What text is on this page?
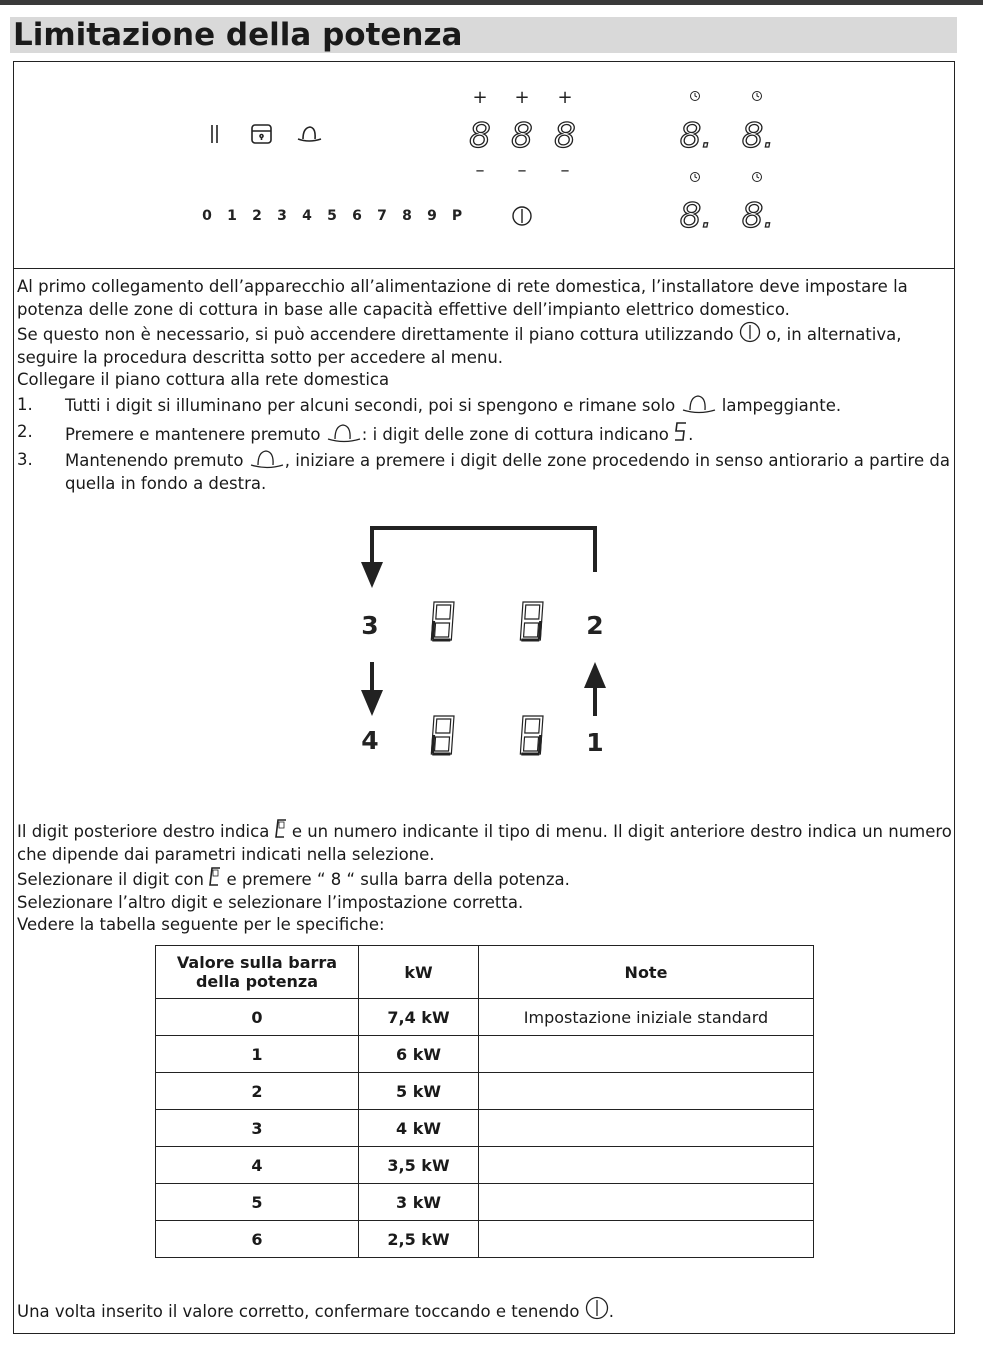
Limitazione della potenza
+ + +
– – –
8 8 8	8. 8.
8. 8.
0 1 2 3 4 5 6 7 8 9 P

Al primo collegamento dell’apparecchio all’alimentazione di rete domestica, l’installatore deve impostare la potenza delle zone di cottura in base alle capacità effettive dell’impianto elettrico domestico.

Se questo non è necessario, si può accendere direttamente il piano cottura utilizzando o, in alternativa, seguire la procedura descritta sotto per accedere al menu.

Collegare il piano cottura alla rete domestica

1. Tutti i digit si illuminano per alcuni secondi, poi si spengono e rimane solo	lampeggiante.
2. Premere e mantenere premuto	: i digit delle zone di cottura indicano .
3. Mantenendo premuto	, iniziare a premere i digit delle zone procedendo in senso antiorario a partire da quella in fondo a destra.
1
2
3
4

Il digit posteriore destro indica e un numero indicante il tipo di menu. Il digit anteriore destro indica un numero che dipende dai parametri indicati nella selezione.

Selezionare il digit con e premere “ 8 “ sulla barra della potenza.

Selezionare l’altro digit e selezionare l’impostazione corretta.

Vedere la tabella seguente per le specifiche:

Valore sulla barra della potenza	kW	Note
0	7,4 kW	Impostazione iniziale standard
1	6 kW	
2	5 kW	
3	4 kW	
4	3,5 kW	
5	3 kW	
6	2,5 kW	
Una volta inserito il valore corretto, confermare toccando e tenendo .
